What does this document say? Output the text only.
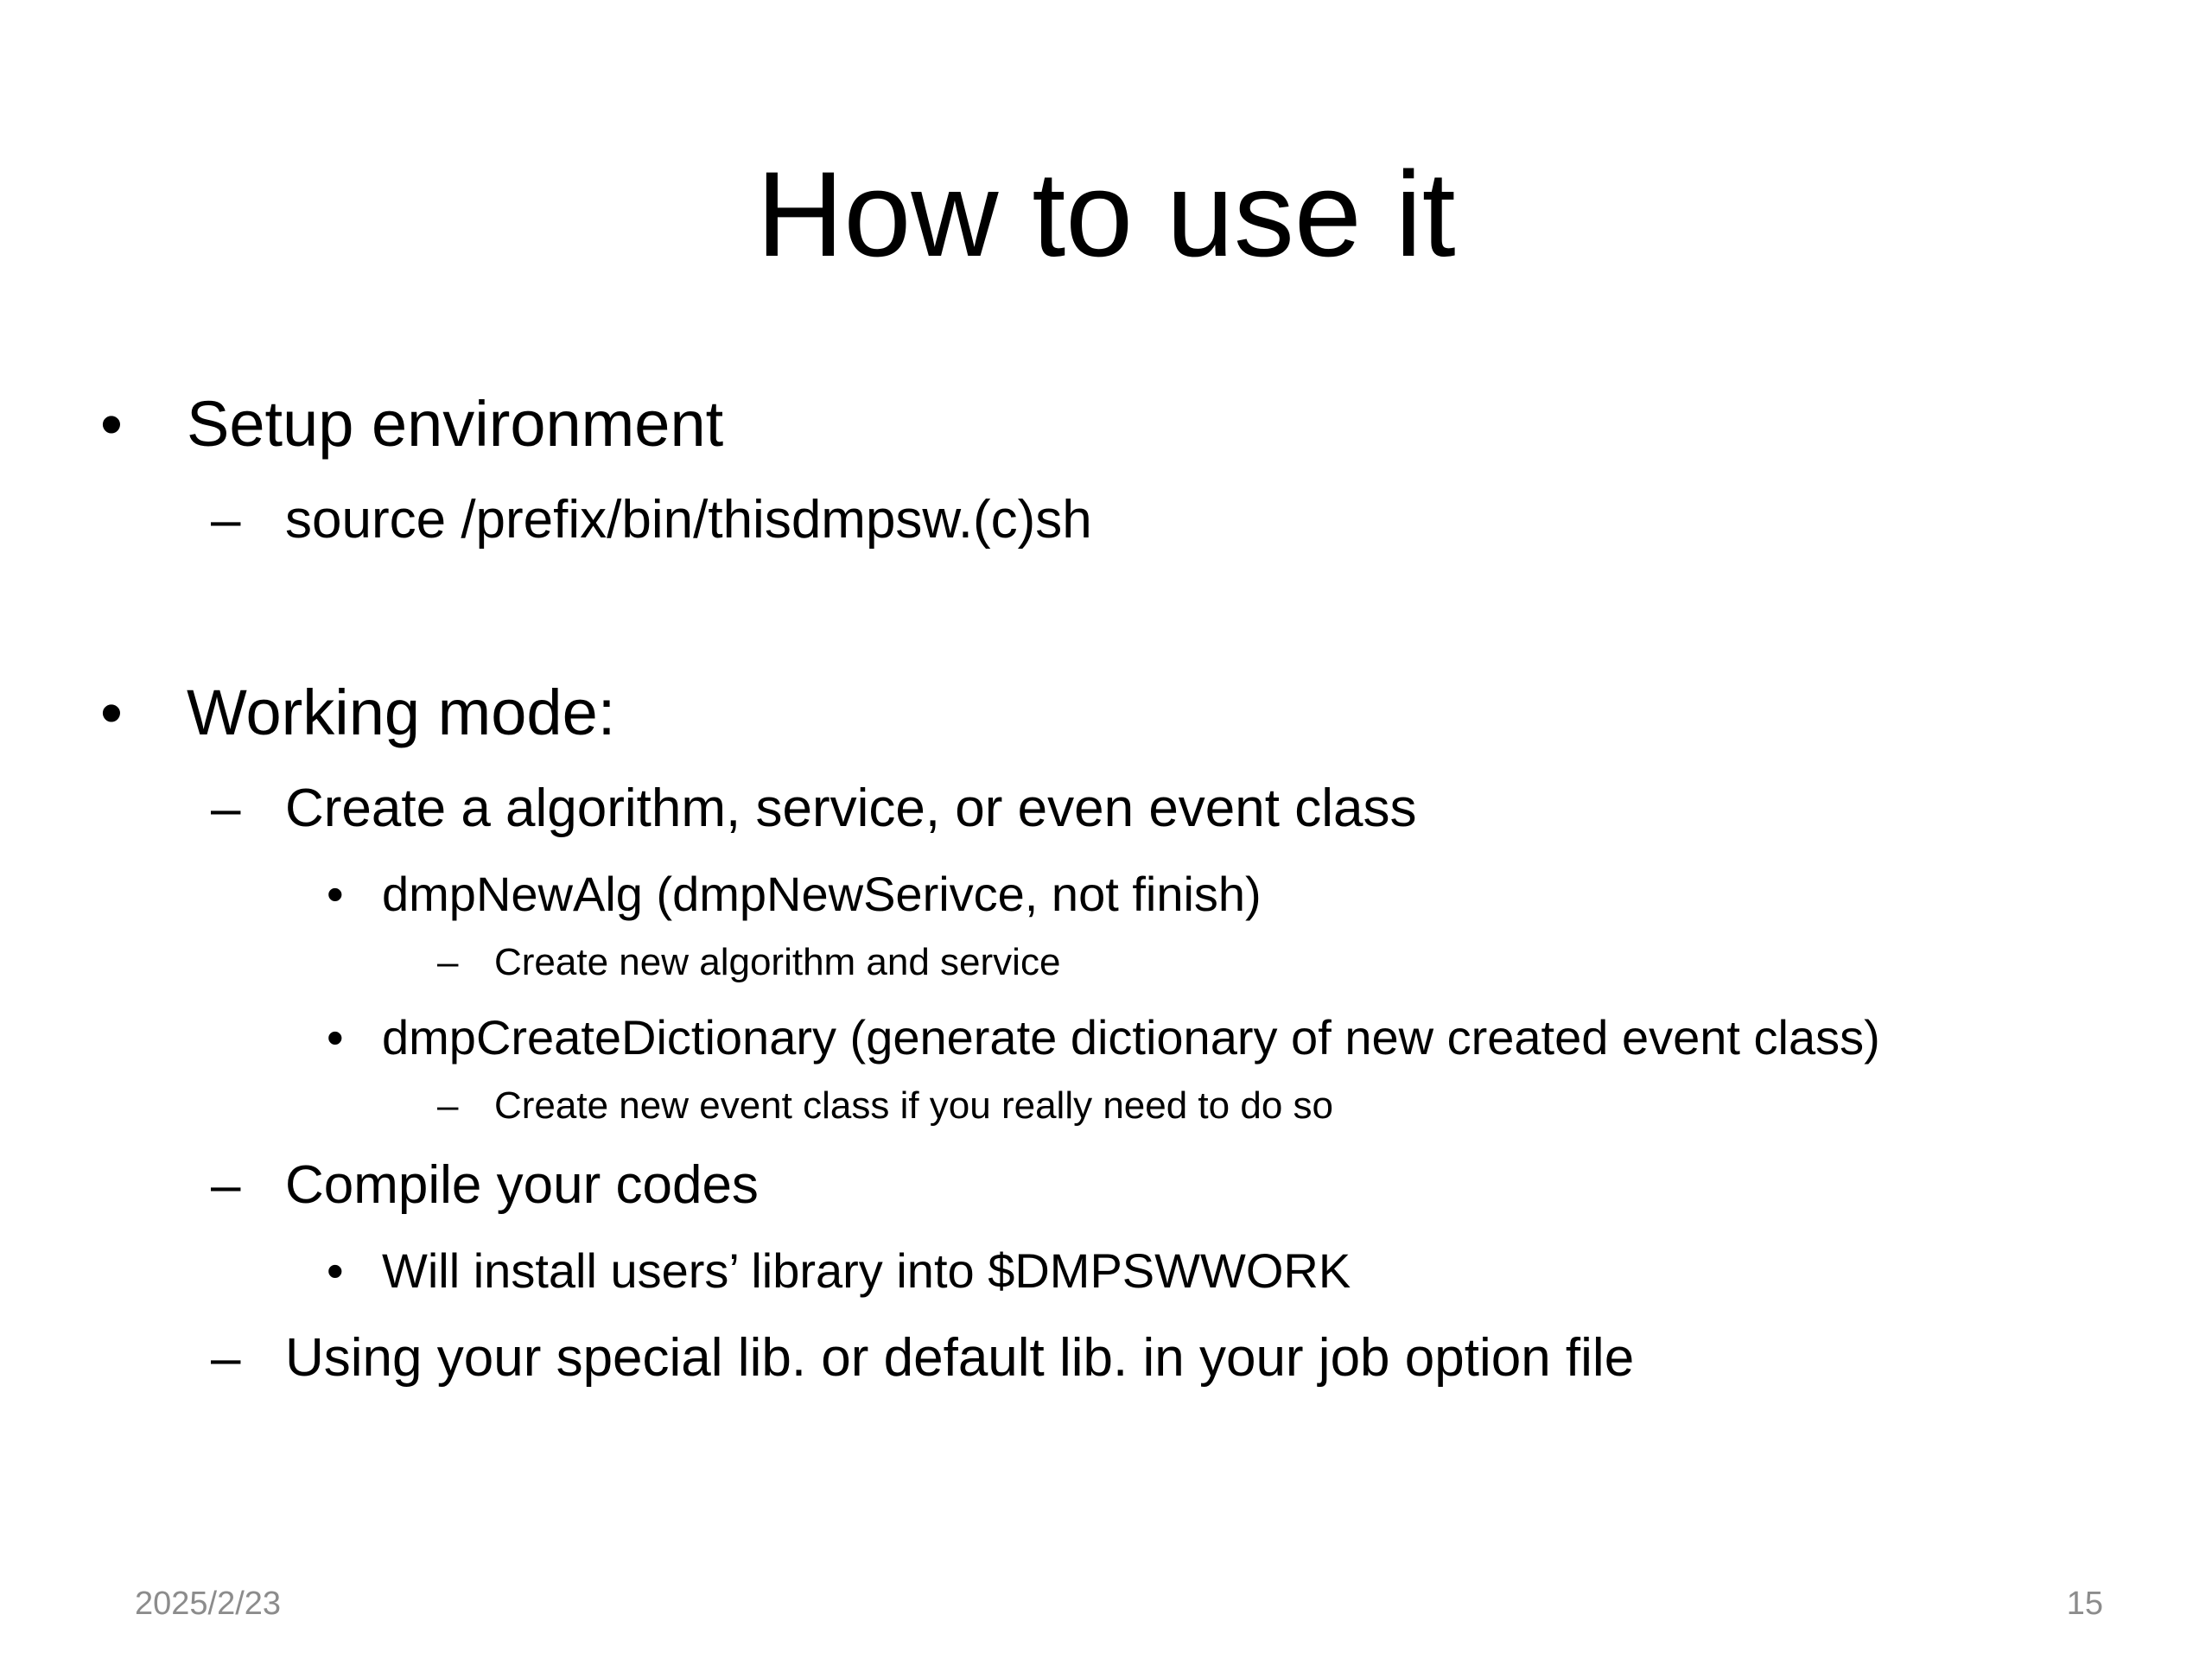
How to use it
• Setup environment

– source /prefix/bin/thisdmpsw.(c)sh

• Working mode:

– Create a algorithm, service, or even event class

• dmpNewAlg (dmpNewSerivce, not finish)

– Create new algorithm and service

• dmpCreateDictionary (generate dictionary of new created event class)

– Create new event class if you really need to do so

– Compile your codes

• Will install users’ library into $DMPSWWORK

– Using your special lib. or default lib. in your job option file

2025/2/23	15
